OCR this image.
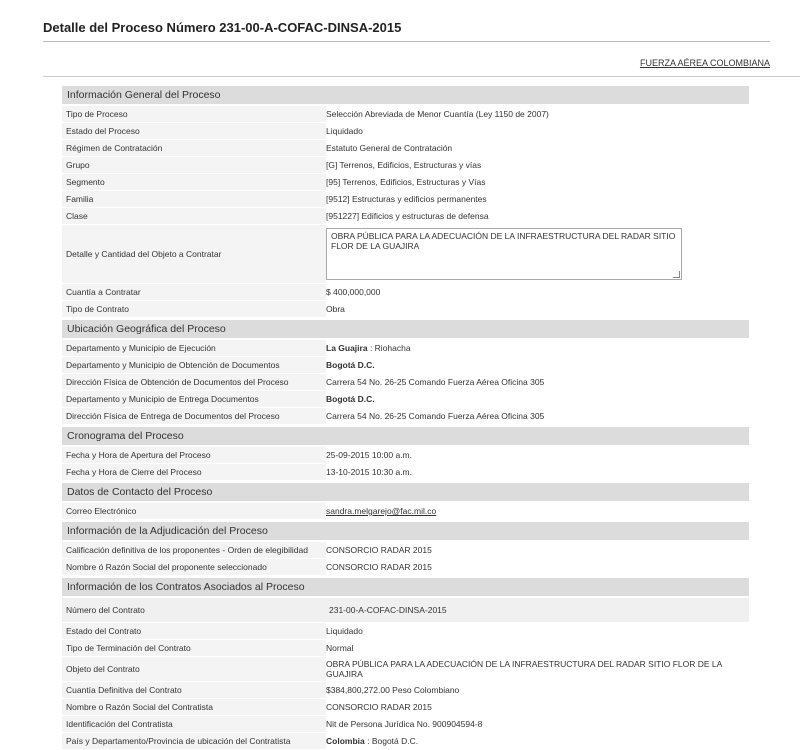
Detalle del Proceso Número 231-00-A-COFAC-DINSA-2015
FUERZA AÉREA COLOMBIANA
Información General del Proceso
Tipo de Proceso	Selección Abreviada de Menor Cuantía (Ley 1150 de 2007)
Estado del Proceso	Liquidado
Régimen de Contratación	Estatuto General de Contratación
Grupo	[G] Terrenos, Edificios, Estructuras y vías
Segmento	[95] Terrenos, Edificios, Estructuras y Vías
Familia	[9512] Estructuras y edificios permanentes
Clase	[951227] Edificios y estructuras de defensa
Detalle y Cantidad del Objeto a Contratar
OBRA PÚBLICA PARA LA ADECUACIÓN DE LA INFRAESTRUCTURA DEL RADAR SITIO FLOR DE LA GUAJIRA
Cuantía a Contratar	$ 400,000,000
Tipo de Contrato	Obra
Ubicación Geográfica del Proceso
Departamento y Municipio de Ejecución	La Guajira : Riohacha
Departamento y Municipio de Obtención de Documentos	Bogotá D.C.
Dirección Física de Obtención de Documentos del Proceso	Carrera 54 No. 26-25 Comando Fuerza Aérea Oficina 305
Departamento y Municipio de Entrega Documentos	Bogotá D.C.
Dirección Física de Entrega de Documentos del Proceso	Carrera 54 No. 26-25 Comando Fuerza Aérea Oficina 305
Cronograma del Proceso
Fecha y Hora de Apertura del Proceso	25-09-2015 10:00 a.m.
Fecha y Hora de Cierre del Proceso	13-10-2015 10:30 a.m.
Datos de Contacto del Proceso
Correo Electrónico	sandra.melgarejo@fac.mil.co
Información de la Adjudicación del Proceso
Calificación definitiva de los proponentes - Orden de elegibilidad	CONSORCIO RADAR 2015
Nombre ó Razón Social del proponente seleccionado	CONSORCIO RADAR 2015
Información de los Contratos Asociados al Proceso
Número del Contrato	231-00-A-COFAC-DINSA-2015
Estado del Contrato	Liquidado
Tipo de Terminación del Contrato	Normal
Objeto del Contrato	OBRA PÚBLICA PARA LA ADECUACIÓN DE LA INFRAESTRUCTURA DEL RADAR SITIO FLOR DE LA GUAJIRA
Cuantía Definitiva del Contrato	$384,800,272.00 Peso Colombiano
Nombre o Razón Social del Contratista	CONSORCIO RADAR 2015
Identificación del Contratista	Nit de Persona Jurídica No. 900904594-8
País y Departamento/Provincia de ubicación del Contratista	Colombia : Bogotá D.C.
